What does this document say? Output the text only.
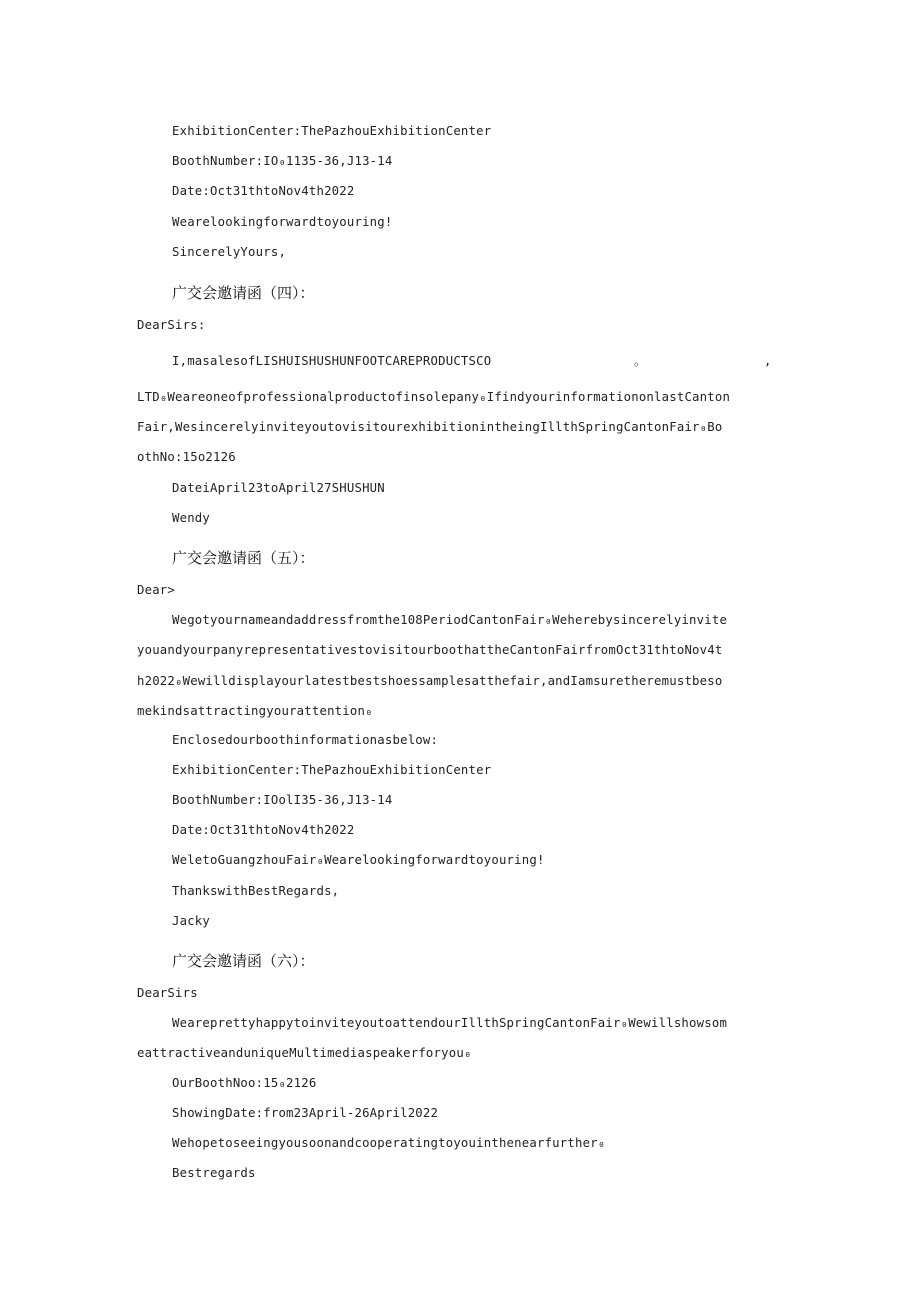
ExhibitionCenter:ThePazhouExhibitionCenter
BoothNumber:IO₀1135-36,J13-14
Date:Oct31thtoNov4th2022
Wearelookingforwardtoyouring!
SincerelyYours,
广交会邀请函（四）：
DearSirs:
I,masalesofLISHUISHUSHUNFOOTCAREPRODUCTSCO	。	,
LTD₀Weareoneofprofessionalproductofinsolepany₀IfindyourinformationonlastCanton
Fair,WesincerelyinviteyoutovisitourexhibitionintheingIllthSpringCantonFair₀Bo
othNo:15o2126
DateiApril23toApril27SHUSHUN
Wendy
广交会邀请函（五）：
Dear>
Wegotyournameandaddressfromthe108PeriodCantonFair₀Weherebysincerelyinvite
youandyourpanyrepresentativestovisitourboothattheCantonFairfromOct31thtoNov4t
h2022₀Wewilldisplayourlatestbestshoessamplesatthefair,andIamsuretheremustbeso
mekindsattractingyourattention₀
Enclosedourboothinformationasbelow:
ExhibitionCenter:ThePazhouExhibitionCenter
BoothNumber:IOolI35-36,J13-14
Date:Oct31thtoNov4th2022
WeletoGuangzhouFair₀Wearelookingforwardtoyouring!
ThankswithBestRegards,
Jacky
广交会邀请函（六）：
DearSirs
WeareprettyhappytoinviteyoutoattendourIllthSpringCantonFair₀Wewillshowsom
eattractiveanduniqueMultimediaspeakerforyou₀
OurBoothNoo:15₀2126
ShowingDate:from23April-26April2022
Wehopetoseeingyousoonandcooperatingtoyouinthenearfurther₀
Bestregards
